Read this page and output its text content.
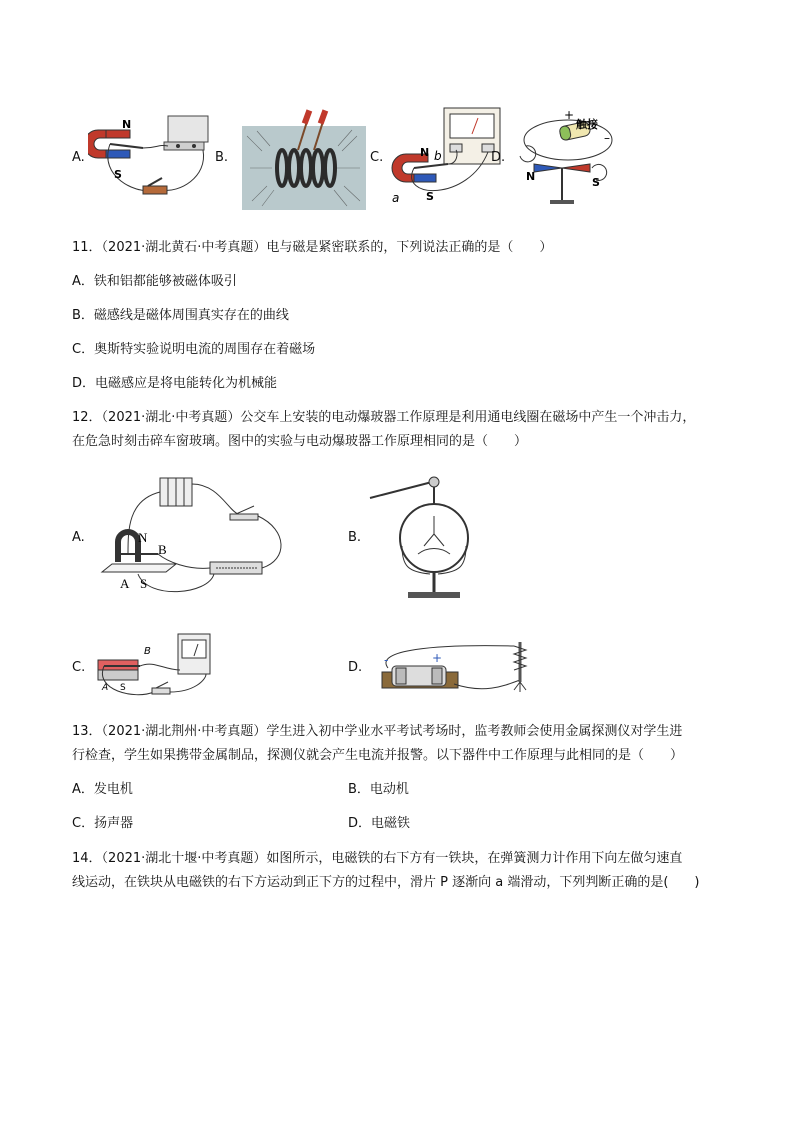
A.
N
S
B.	C.	N b
a S
D.
+
触接
–
N	S
11．（2021·湖北黄石·中考真题）电与磁是紧密联系的，下列说法正确的是（　　）
A．铁和铝都能够被磁体吸引
B．磁感线是磁体周围真实存在的曲线
C．奥斯特实验说明电流的周围存在着磁场
D．电磁感应是将电能转化为机械能
12．（2021·湖北·中考真题）公交车上安装的电动爆玻器工作原理是利用通电线圈在磁场中产生一个冲击力，
在危急时刻击碎车窗玻璃。图中的实验与电动爆玻器工作原理相同的是（　　）
A.	N
B
A S
B.
C.
B
A S
D. -	+
13．（2021·湖北荆州·中考真题）学生进入初中学业水平考试考场时，监考教师会使用金属探测仪对学生进
行检查，学生如果携带金属制品，探测仪就会产生电流并报警。以下器件中工作原理与此相同的是（　　）
A．发电机	B．电动机
C．扬声器	D．电磁铁
14．（2021·湖北十堰·中考真题）如图所示，电磁铁的右下方有一铁块，在弹簧测力计作用下向左做匀速直
线运动，在铁块从电磁铁的右下方运动到正下方的过程中，滑片 P 逐渐向 a 端滑动，下列判断正确的是(　　)
